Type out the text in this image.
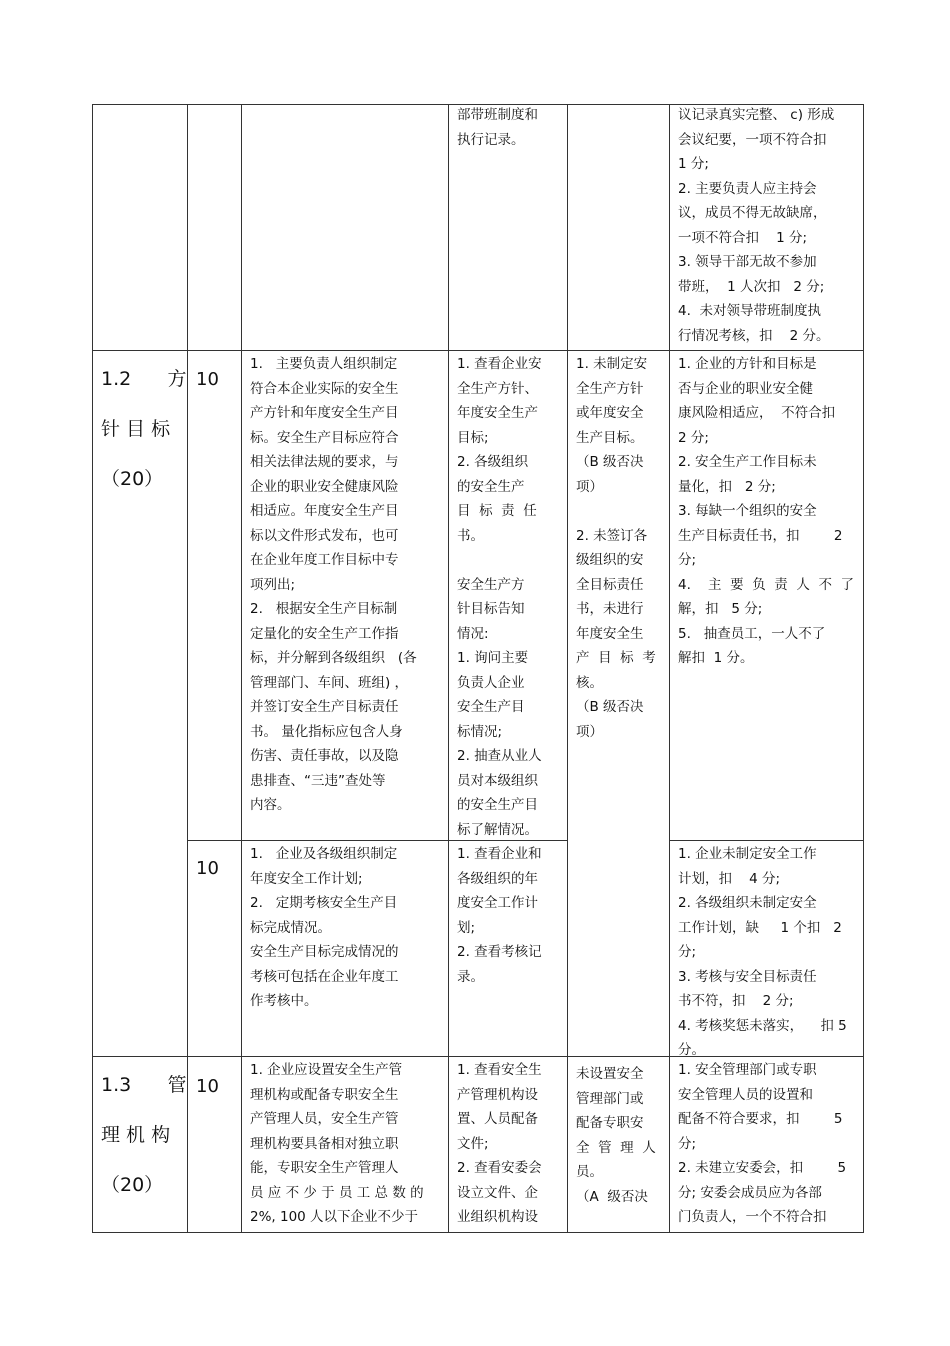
部带班制度和
执行记录。
议记录真实完整、 c) 形成
会议纪要，一项不符合扣
1 分;
2. 主要负责人应主持会
议，成员不得无故缺席，
一项不符合扣    1 分;
3. 领导干部无故不参加
带班，  1 人次扣   2 分;
4.  未对领导带班制度执
行情况考核，扣    2 分。
1.2      方
针 目 标
（20）
10
1.   主要负责人组织制定
符合本企业实际的安全生
产方针和年度安全生产目
标。安全生产目标应符合
相关法律法规的要求，与
企业的职业安全健康风险
相适应。年度安全生产目
标以文件形式发布，也可
在企业年度工作目标中专
项列出;
2.   根据安全生产目标制
定量化的安全生产工作指
标，并分解到各级组织   (各
管理部门、车间、班组) ，
并签订安全生产目标责任
书。 量化指标应包含人身
伤害、责任事故，以及隐
患排查、“三违”查处等
内容。
1. 查看企业安
全生产方针、
年度安全生产
目标;
2. 各级组织
的安全生产
目  标  责  任
书。

安全生产方
针目标告知
情况:
1. 询问主要
负责人企业
安全生产目
标情况;
2. 抽查从业人
员对本级组织
的安全生产目
标了解情况。
1. 未制定安
全生产方针
或年度安全
生产目标。
（B 级否决
项）

2. 未签订各
级组织的安
全目标责任
书，未进行
年度安全生
产  目  标  考
核。
（B 级否决
项）
1. 企业的方针和目标是
否与企业的职业安全健
康风险相适应，  不符合扣
2 分;
2. 安全生产工作目标未
量化，扣   2 分;
3. 每缺一个组织的安全
生产目标责任书，扣        2
分;
4.    主  要  负  责  人  不  了
解，扣   5 分;
5.   抽查员工，一人不了
解扣  1 分。
10
1.   企业及各级组织制定
年度安全工作计划;
2.   定期考核安全生产目
标完成情况。
安全生产目标完成情况的
考核可包括在企业年度工
作考核中。
1. 查看企业和
各级组织的年
度安全工作计
划;
2. 查看考核记
录。
1. 企业未制定安全工作
计划，扣    4 分;
2. 各级组织未制定安全
工作计划，缺     1 个扣   2
分;
3. 考核与安全目标责任
书不符，扣    2 分;
4. 考核奖惩未落实，    扣 5
分。
1.3      管
理 机 构
（20）
10
1. 企业应设置安全生产管
理机构或配备专职安全生
产管理人员，安全生产管
理机构要具备相对独立职
能，专职安全生产管理人
员 应 不 少 于 员 工 总 数 的
2%, 100 人以下企业不少于
1. 查看安全生
产管理机构设
置、人员配备
文件;
2. 查看安委会
设立文件、企
业组织机构设
未设置安全
管理部门或
配备专职安
全  管  理  人
员。
（A  级否决
1. 安全管理部门或专职
安全管理人员的设置和
配备不符合要求，扣        5
分;
2. 未建立安委会，扣        5
分; 安委会成员应为各部
门负责人，一个不符合扣
